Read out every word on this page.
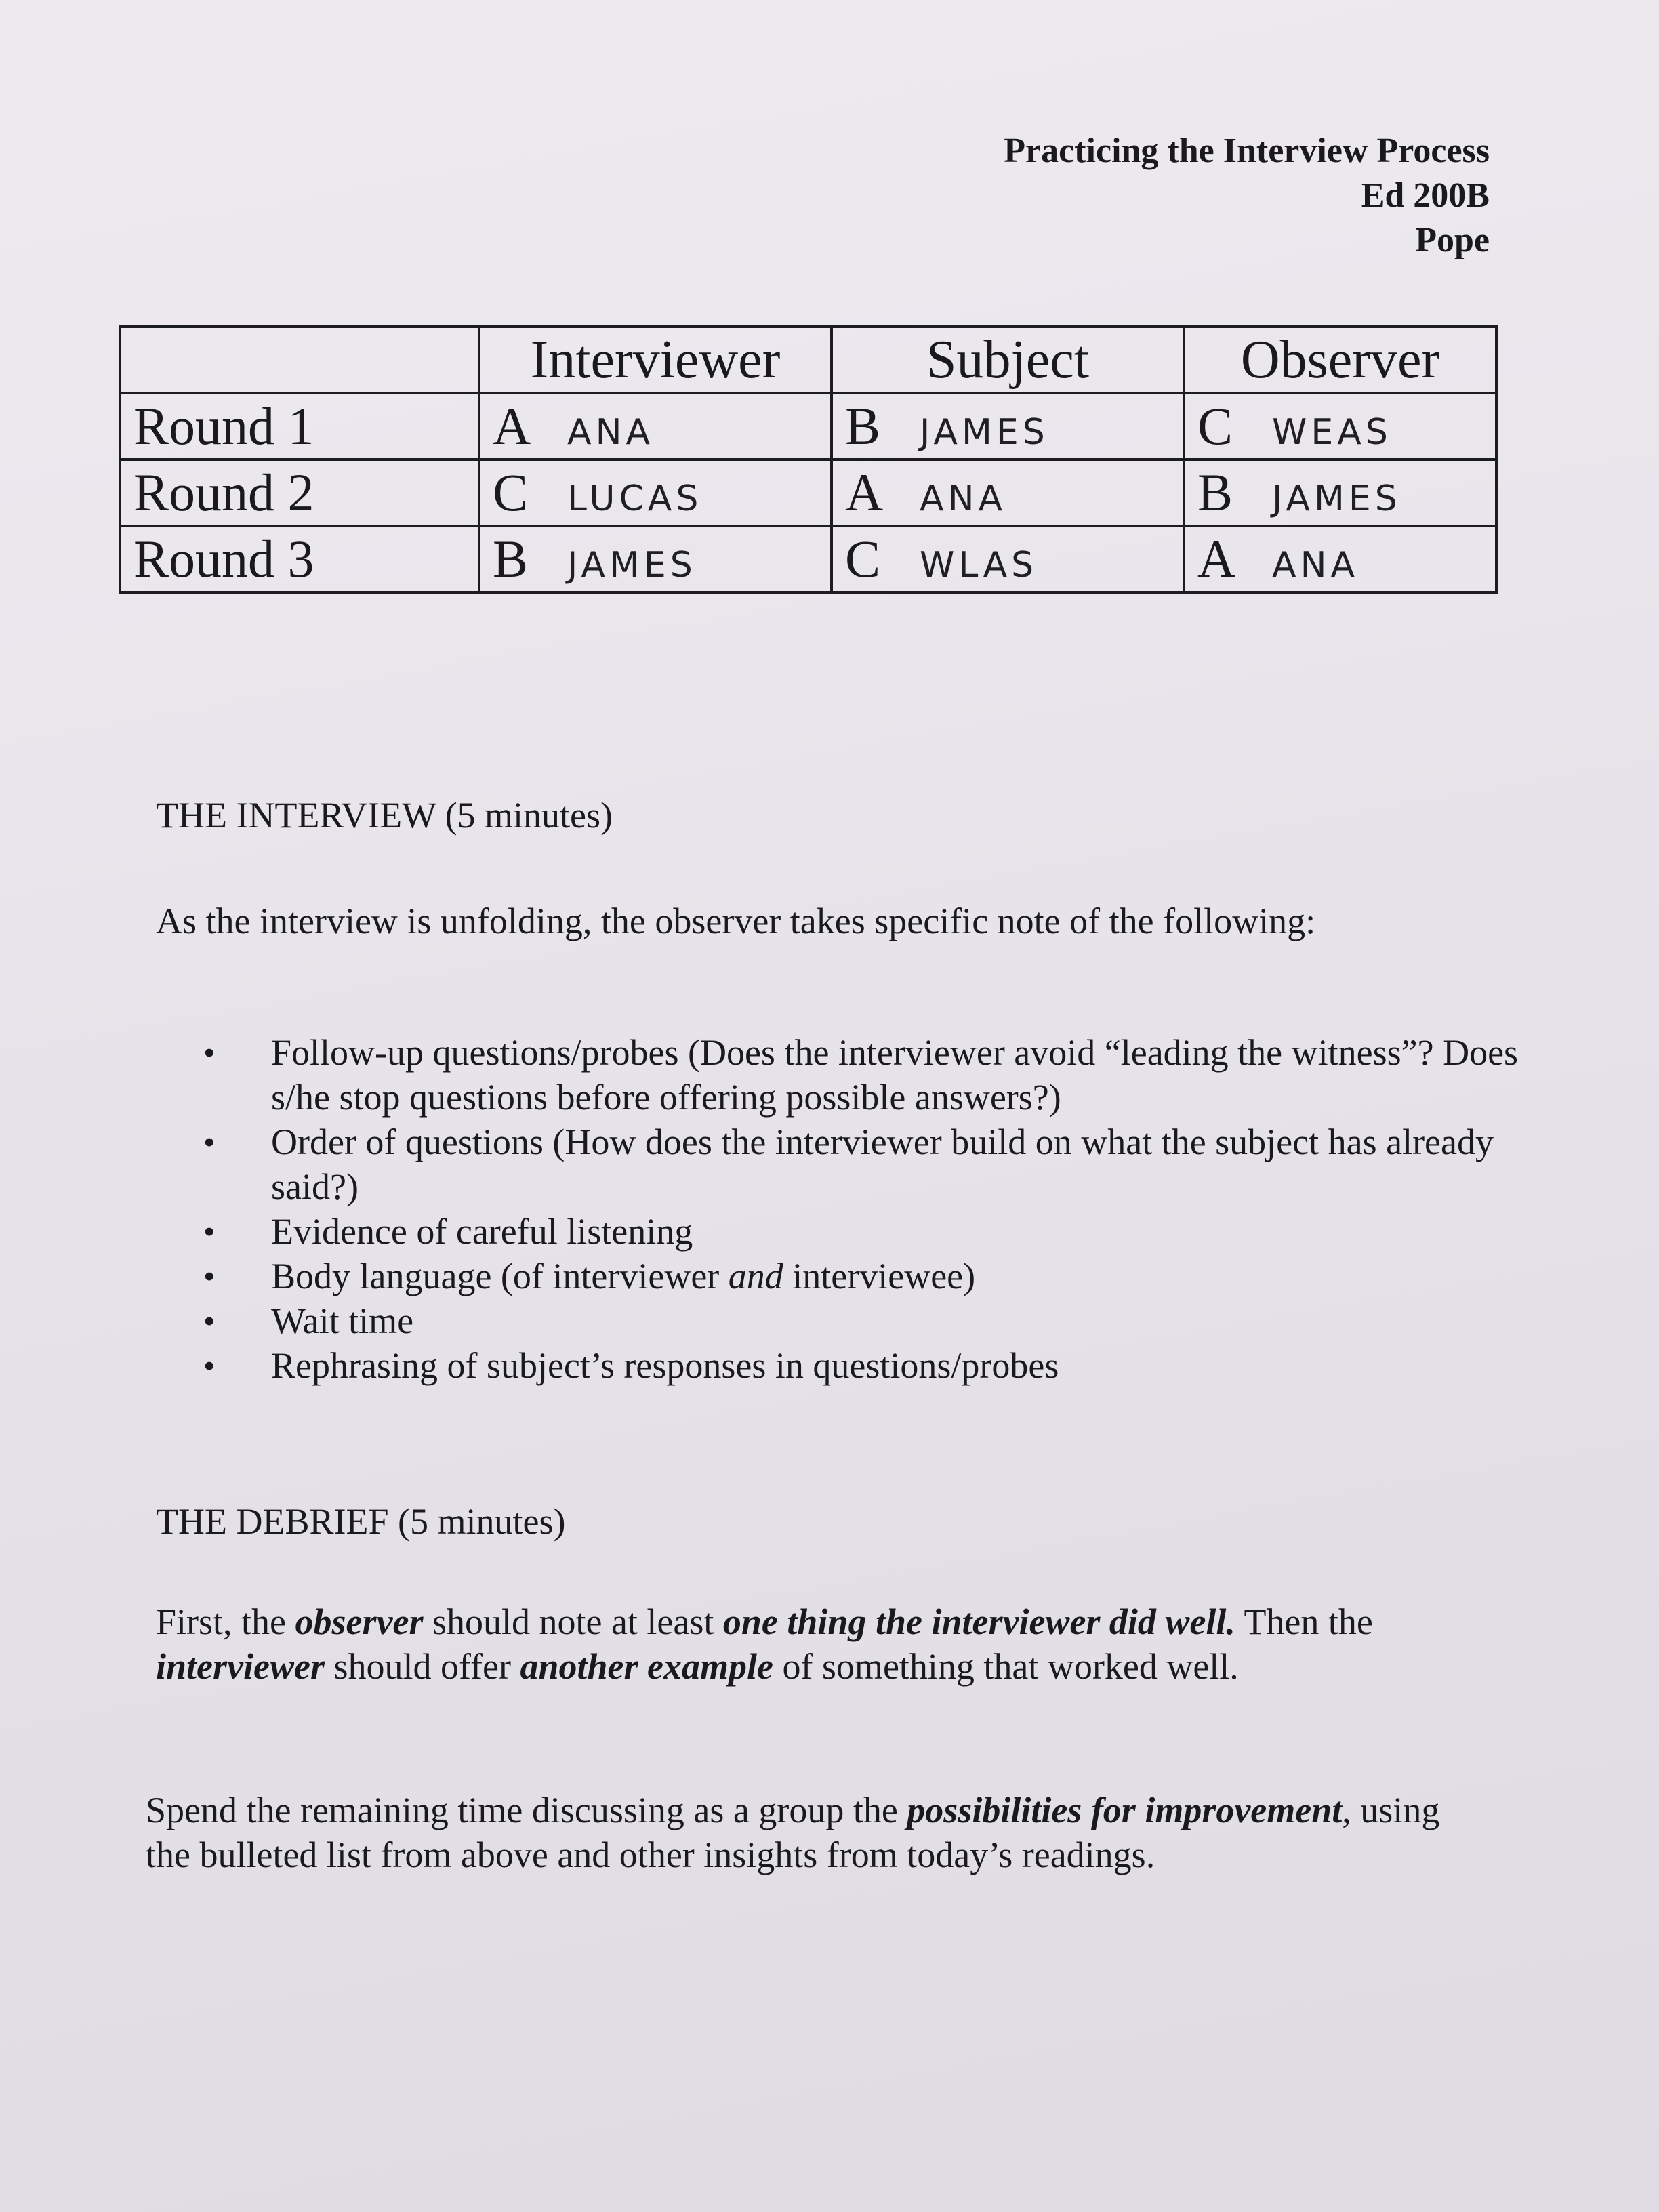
Practicing the Interview Process
Ed 200B
Pope
	Interviewer	Subject	Observer
Round 1	A ANA	B JAMES	C WEAS
Round 2	C LUCAS	A ANA	B JAMES
Round 3	B JAMES	C WLAS	A ANA
THE INTERVIEW (5 minutes)
As the interview is unfolding, the observer takes specific note of the following:
• Follow-up questions/probes (Does the interviewer avoid “leading the witness”? Does s/he stop questions before offering possible answers?)
• Order of questions (How does the interviewer build on what the subject has already said?)
• Evidence of careful listening
• Body language (of interviewer and interviewee)
• Wait time
• Rephrasing of subject’s responses in questions/probes
THE DEBRIEF (5 minutes)
First, the observer should note at least one thing the interviewer did well. Then the interviewer should offer another example of something that worked well.
Spend the remaining time discussing as a group the possibilities for improvement, using the bulleted list from above and other insights from today’s readings.
